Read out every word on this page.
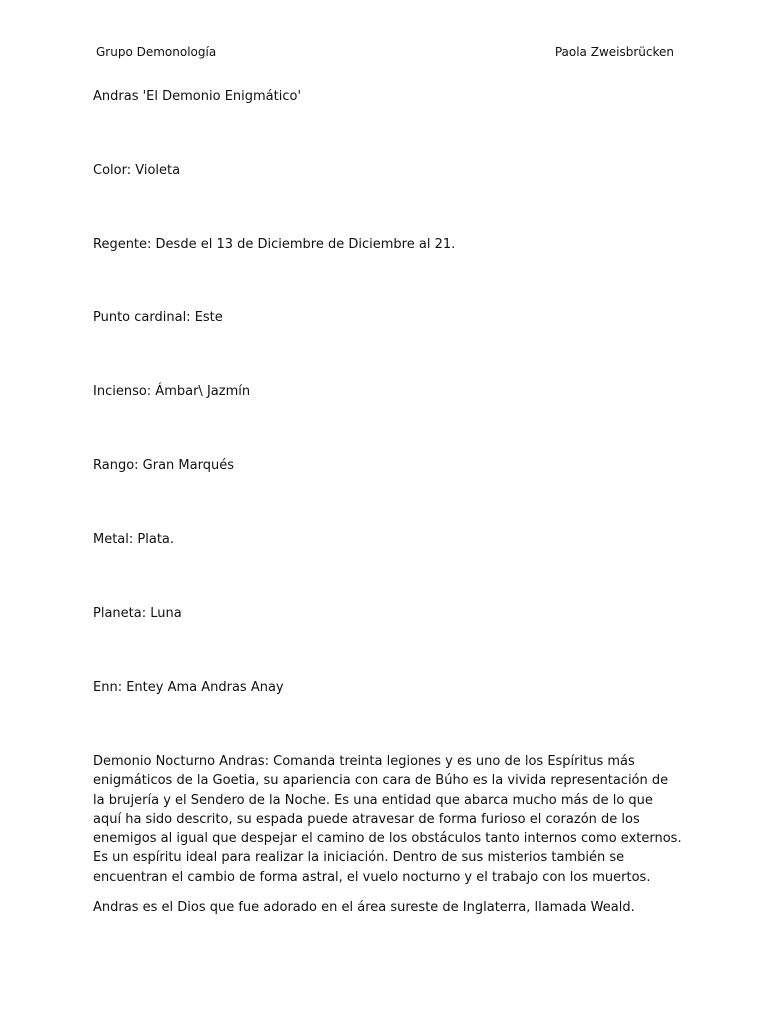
Grupo Demonología	Paola Zweisbrücken
Andras 'El Demonio Enigmático'
Color: Violeta
Regente: Desde el 13 de Diciembre de Diciembre al 21.
Punto cardinal: Este
Incienso: Ámbar\ Jazmín
Rango: Gran Marqués
Metal: Plata.
Planeta: Luna
Enn: Entey Ama Andras Anay
Demonio Nocturno Andras: Comanda treinta legiones y es uno de los Espíritus más enigmáticos de la Goetia, su apariencia con cara de Búho es la vivida representación de la brujería y el Sendero de la Noche. Es una entidad que abarca mucho más de lo que aquí ha sido descrito, su espada puede atravesar de forma furioso el corazón de los enemigos al igual que despejar el camino de los obstáculos tanto internos como externos. Es un espíritu ideal para realizar la iniciación. Dentro de sus misterios también se encuentran el cambio de forma astral, el vuelo nocturno y el trabajo con los muertos.
Andras es el Dios que fue adorado en el área sureste de Inglaterra, llamada Weald.
